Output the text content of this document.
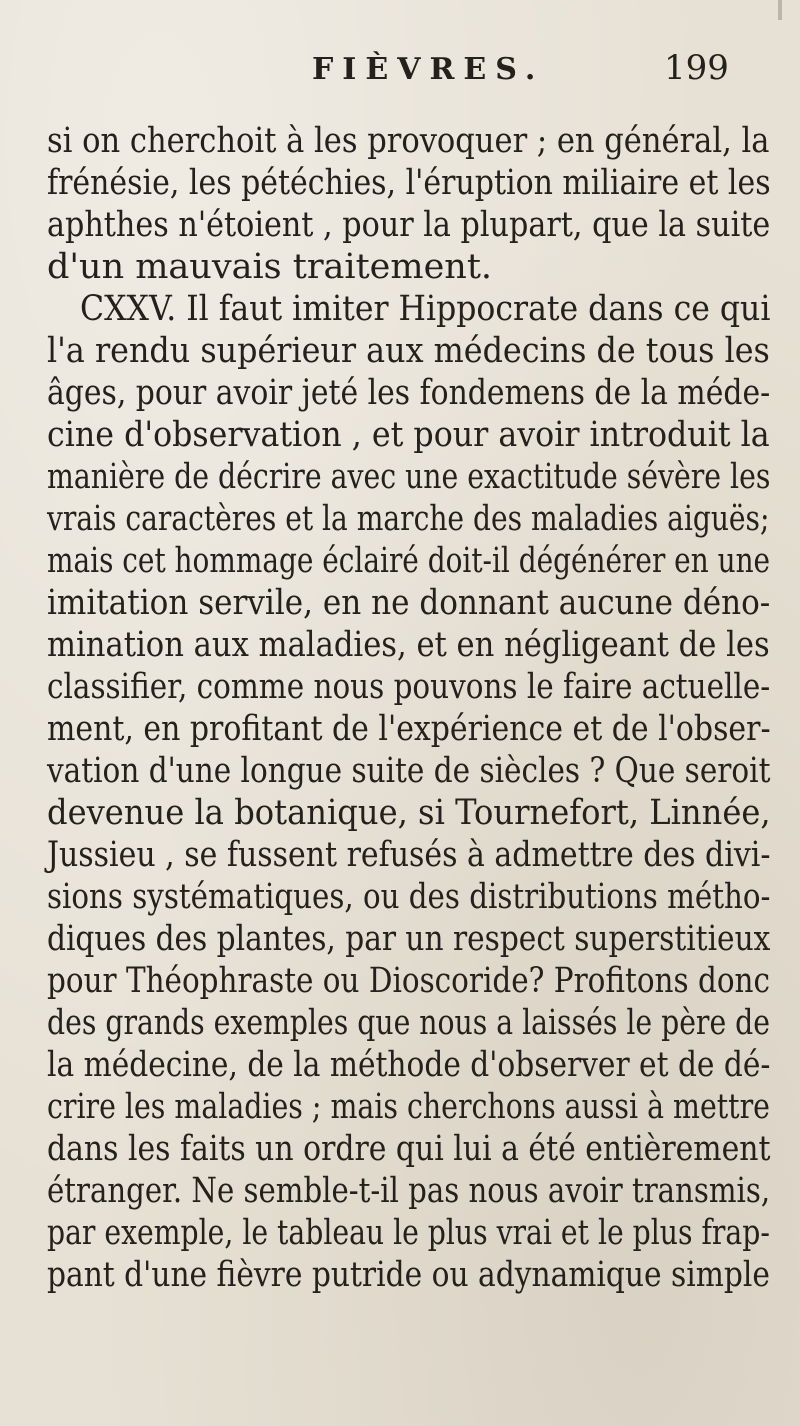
FIÈVRES.	199
si on cherchoit à les provoquer ; en général, la
frénésie, les pétéchies, l'éruption miliaire et les
aphthes n'étoient , pour la plupart, que la suite
d'un mauvais traitement.
CXXV. Il faut imiter Hippocrate dans ce qui
l'a rendu supérieur aux médecins de tous les
âges, pour avoir jeté les fondemens de la méde-
cine d'observation , et pour avoir introduit la
manière de décrire avec une exactitude sévère les
vrais caractères et la marche des maladies aiguës;
mais cet hommage éclairé doit-il dégénérer en une
imitation servile, en ne donnant aucune déno-
mination aux maladies, et en négligeant de les
classifier, comme nous pouvons le faire actuelle-
ment, en profitant de l'expérience et de l'obser-
vation d'une longue suite de siècles ? Que seroit
devenue la botanique, si Tournefort, Linnée,
Jussieu , se fussent refusés à admettre des divi-
sions systématiques, ou des distributions métho-
diques des plantes, par un respect superstitieux
pour Théophraste ou Dioscoride? Profitons donc
des grands exemples que nous a laissés le père de
la médecine, de la méthode d'observer et de dé-
crire les maladies ; mais cherchons aussi à mettre
dans les faits un ordre qui lui a été entièrement
étranger. Ne semble-t-il pas nous avoir transmis,
par exemple, le tableau le plus vrai et le plus frap-
pant d'une fièvre putride ou adynamique simple
